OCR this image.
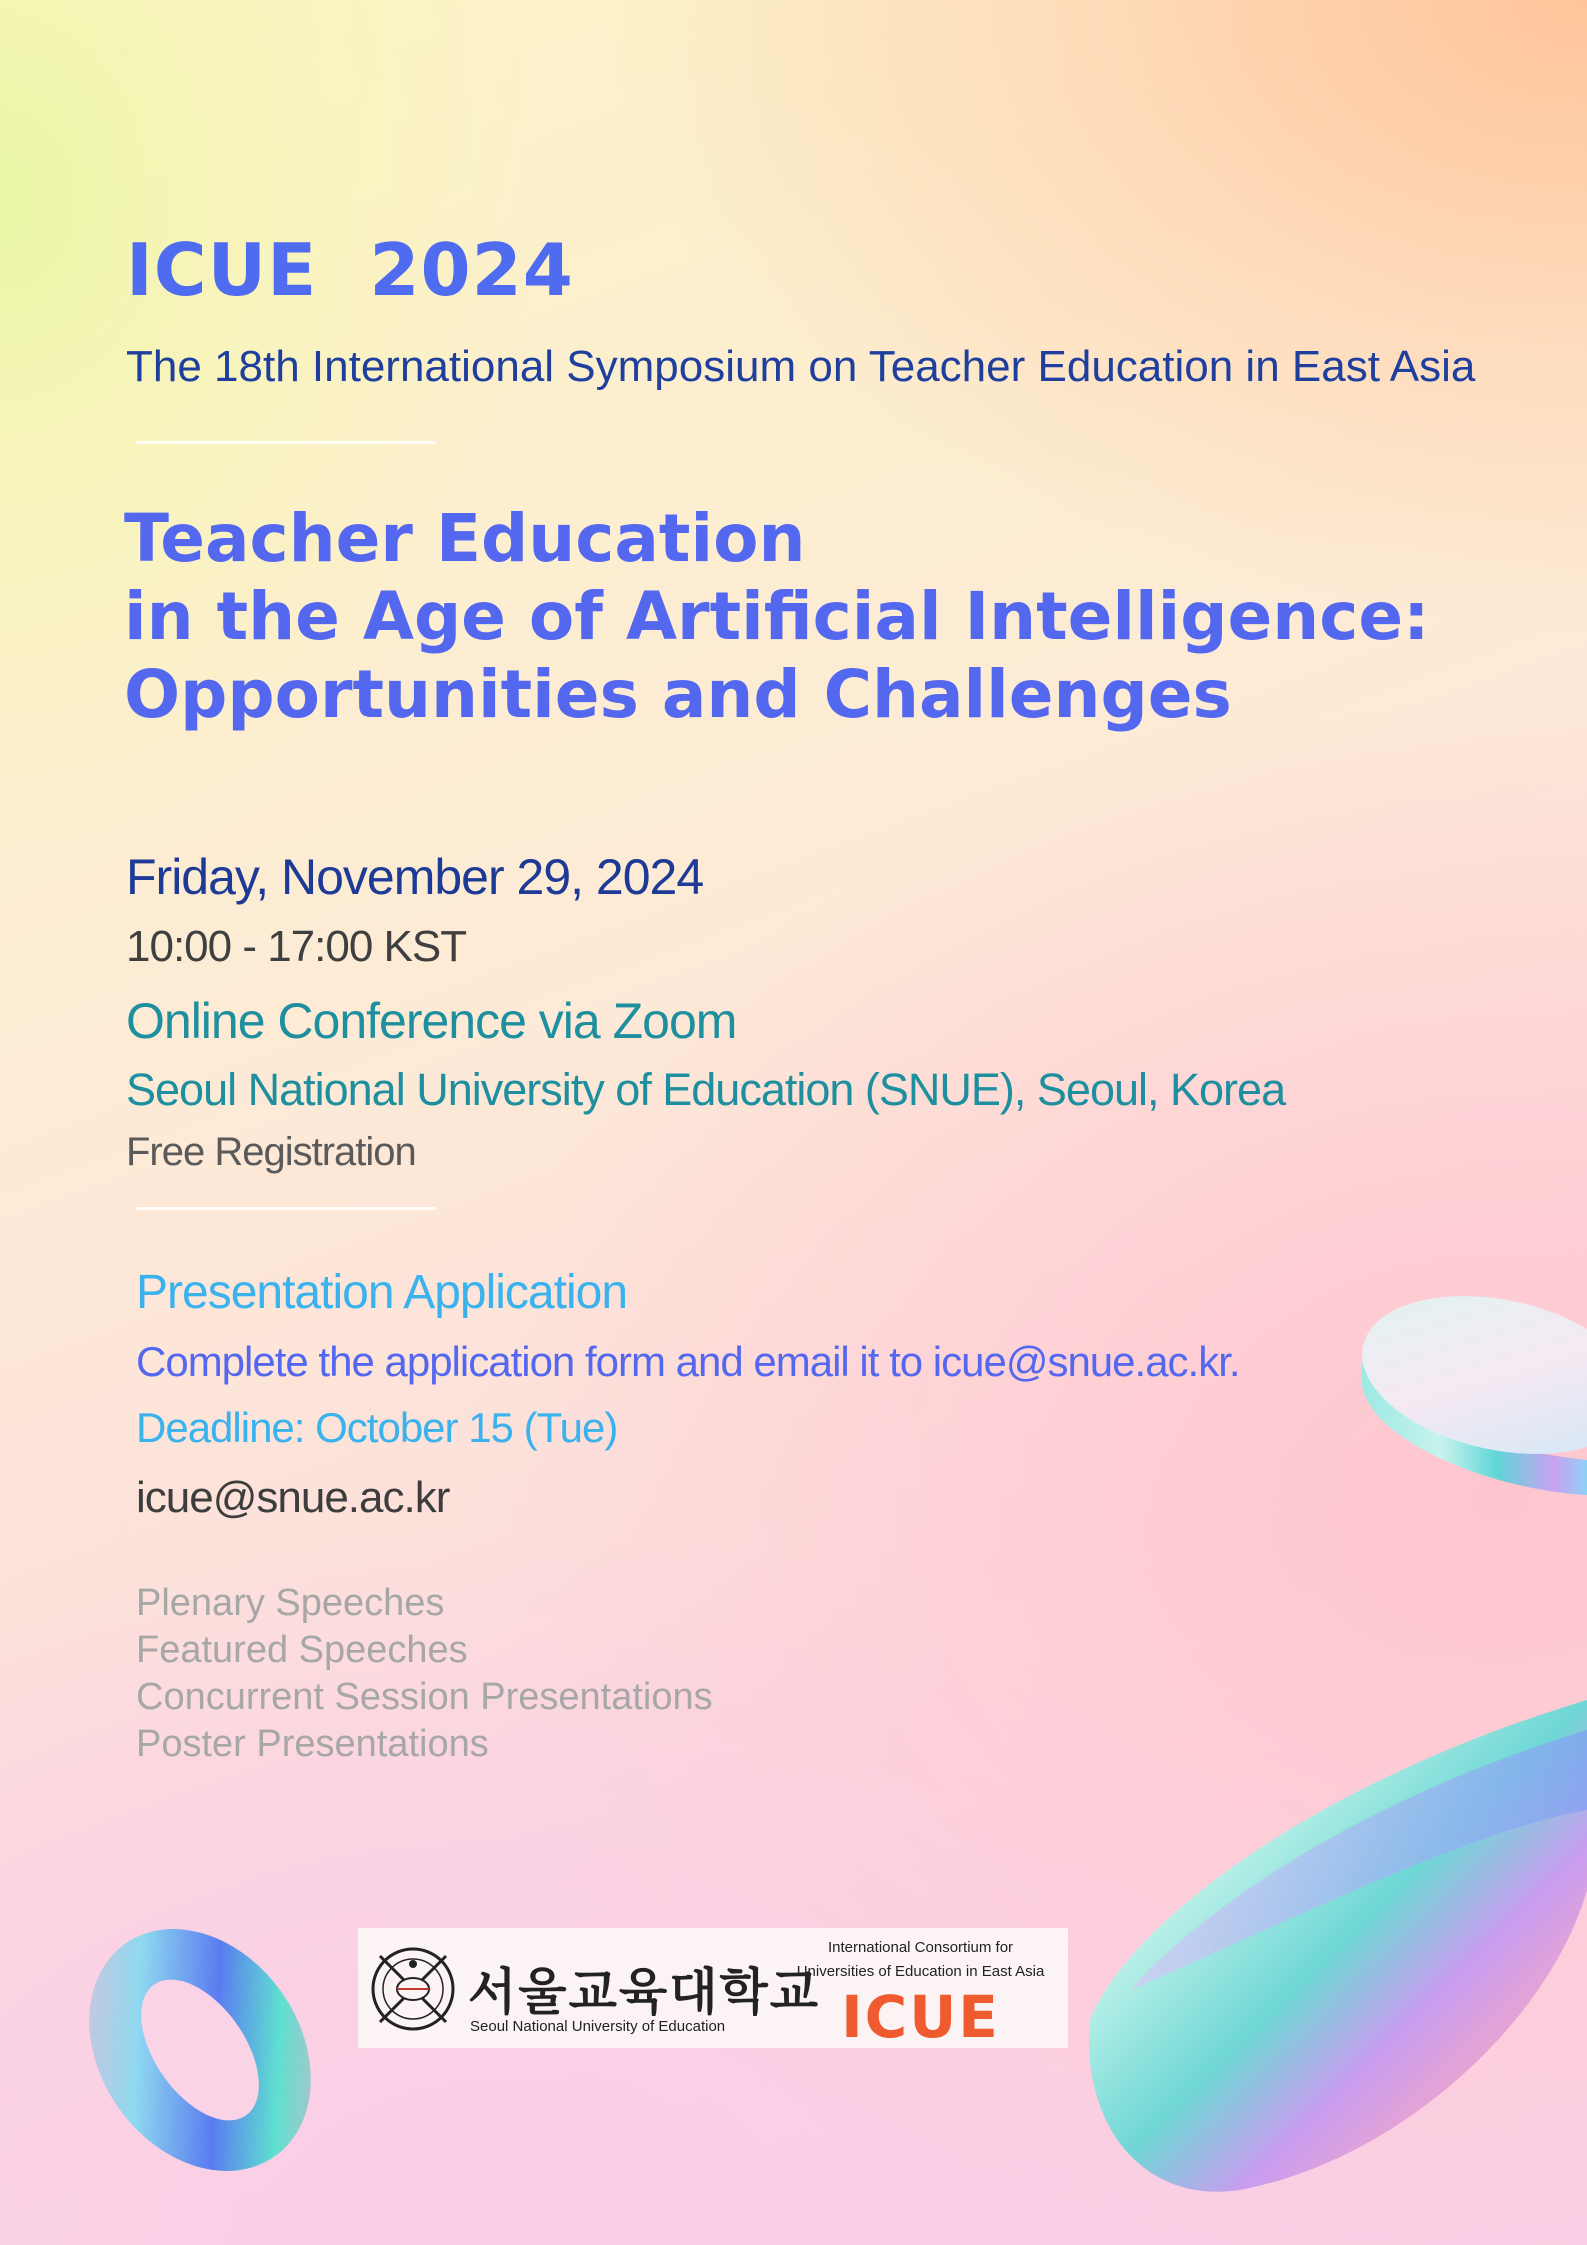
ICUE  2024
The 18th International Symposium on Teacher Education in East Asia
Teacher Education
in the Age of Artificial Intelligence:
Opportunities and Challenges
Friday, November 29, 2024
10:00 - 17:00 KST
Online Conference via Zoom
Seoul National University of Education (SNUE), Seoul, Korea
Free Registration
Presentation Application
Complete the application form and email it to icue@snue.ac.kr.
Deadline: October 15 (Tue)
icue@snue.ac.kr
Plenary Speeches
Featured Speeches
Concurrent Session Presentations
Poster Presentations
서울교육대학교
Seoul National University of Education
International Consortium for
Universities of Education in East Asia
ICUE
